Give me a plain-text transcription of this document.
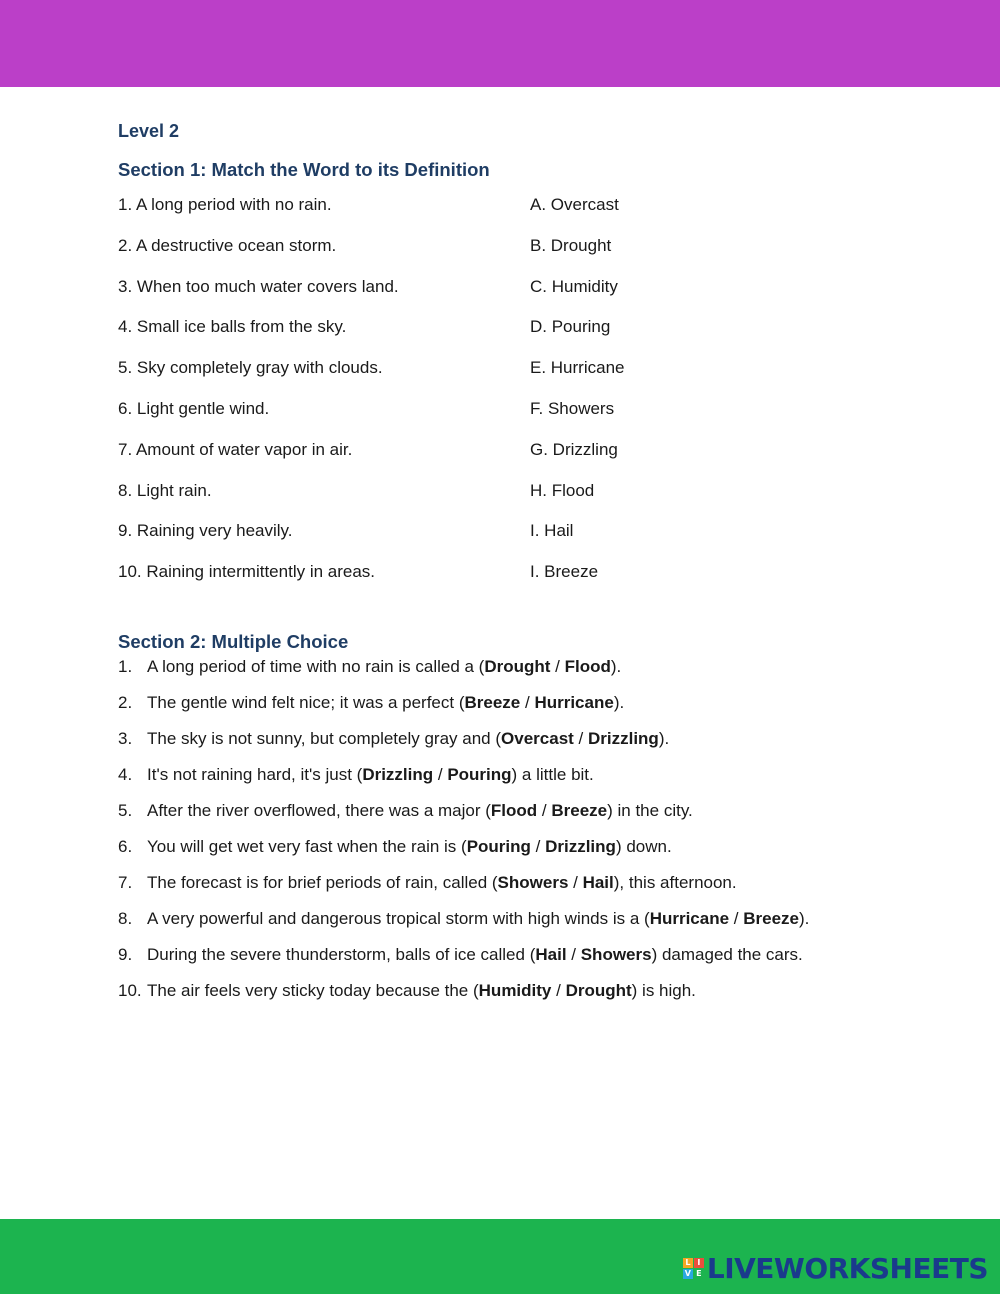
Level 2
Section 1: Match the Word to its Definition
1. A long period with no rain.	A. Overcast
2. A destructive ocean storm.	B. Drought
3. When too much water covers land.	C. Humidity
4. Small ice balls from the sky.	D. Pouring
5. Sky completely gray with clouds.	E. Hurricane
6. Light gentle wind.	F. Showers
7. Amount of water vapor in air.	G. Drizzling
8. Light rain.	H. Flood
9. Raining very heavily.	I. Hail
10. Raining intermittently in areas.	I. Breeze
Section 2: Multiple Choice
1. A long period of time with no rain is called a (Drought / Flood).
2. The gentle wind felt nice; it was a perfect (Breeze / Hurricane).
3. The sky is not sunny, but completely gray and (Overcast / Drizzling).
4. It's not raining hard, it's just (Drizzling / Pouring) a little bit.
5. After the river overflowed, there was a major (Flood / Breeze) in the city.
6. You will get wet very fast when the rain is (Pouring / Drizzling) down.
7. The forecast is for brief periods of rain, called (Showers / Hail), this afternoon.
8. A very powerful and dangerous tropical storm with high winds is a (Hurricane / Breeze).
9. During the severe thunderstorm, balls of ice called (Hail / Showers) damaged the cars.
10. The air feels very sticky today because the (Humidity / Drought) is high.
L I
V E LIVEWORKSHEETS
